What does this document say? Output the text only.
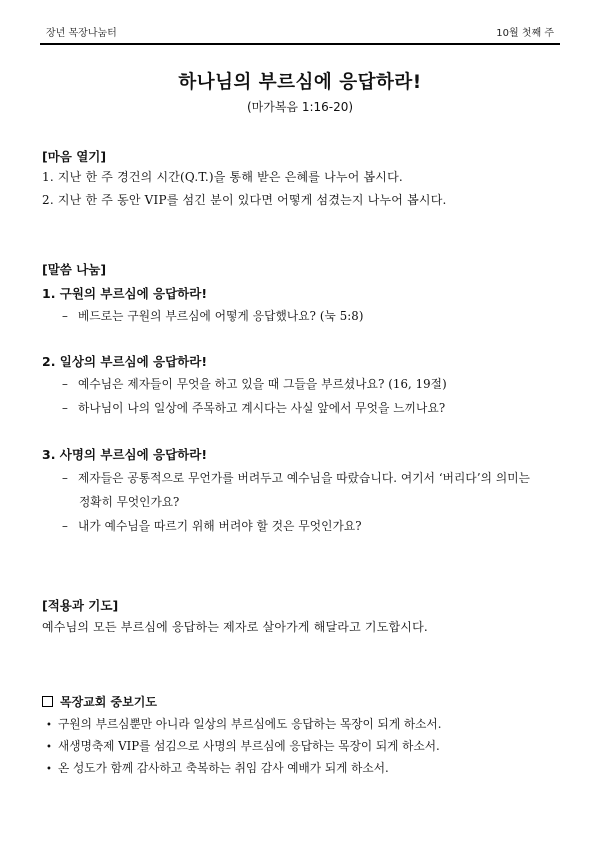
장년 목장나눔터	10월 첫째 주
하나님의 부르심에 응답하라!
(마가복음 1:16-20)
[마음 열기]
1. 지난 한 주 경건의 시간(Q.T.)을 통해 받은 은혜를 나누어 봅시다.
2. 지난 한 주 동안 VIP를 섬긴 분이 있다면 어떻게 섬겼는지 나누어 봅시다.
[말씀 나눔]
1. 구원의 부르심에 응답하라!
– 베드로는 구원의 부르심에 어떻게 응답했나요? (눅 5:8)
2. 일상의 부르심에 응답하라!
– 예수님은 제자들이 무엇을 하고 있을 때 그들을 부르셨나요? (16, 19절)
– 하나님이 나의 일상에 주목하고 계시다는 사실 앞에서 무엇을 느끼나요?
3. 사명의 부르심에 응답하라!
– 제자들은 공통적으로 무언가를 버려두고 예수님을 따랐습니다. 여기서 ‘버리다’의 의미는
정확히 무엇인가요?
– 내가 예수님을 따르기 위해 버려야 할 것은 무엇인가요?
[적용과 기도]
예수님의 모든 부르심에 응답하는 제자로 살아가게 해달라고 기도합시다.
목장교회 중보기도
• 구원의 부르심뿐만 아니라 일상의 부르심에도 응답하는 목장이 되게 하소서.
• 새생명축제 VIP를 섬김으로 사명의 부르심에 응답하는 목장이 되게 하소서.
• 온 성도가 함께 감사하고 축복하는 취임 감사 예배가 되게 하소서.
